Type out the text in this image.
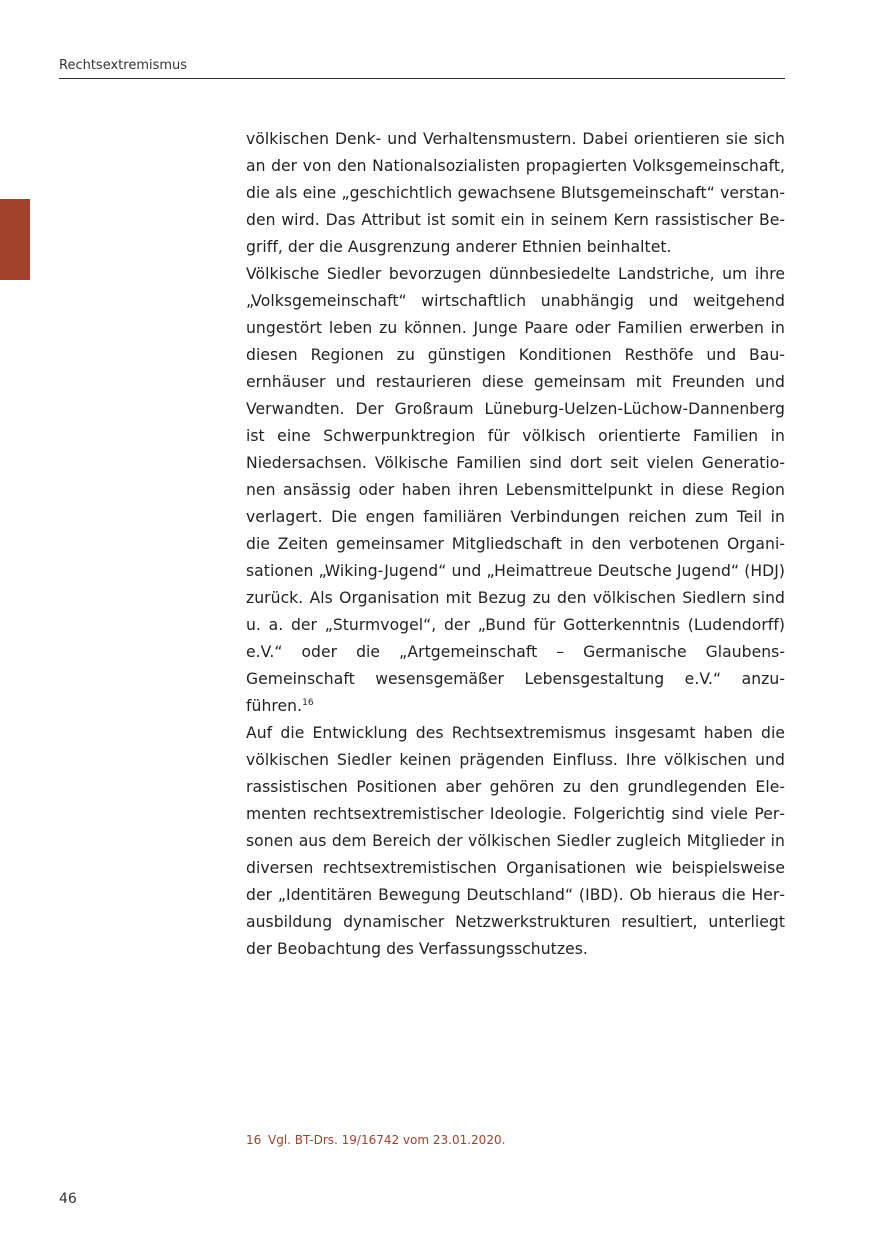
Rechtsextremismus

völkischen Denk- und Verhaltensmustern. Dabei orientieren sie sich an der von den Nationalsozialisten propagierten Volksgemeinschaft, die als eine „geschichtlich gewachsene Blutsgemeinschaft“ verstanden wird. Das Attribut ist somit ein in seinem Kern rassistischer Begriff, der die Ausgrenzung anderer Ethnien beinhaltet.

Völkische Siedler bevorzugen dünnbesiedelte Landstriche, um ihre „Volksgemeinschaft“ wirtschaftlich unabhängig und weitgehend ungestört leben zu können. Junge Paare oder Familien erwerben in diesen Regionen zu günstigen Konditionen Resthöfe und Bauernhäuser und restaurieren diese gemeinsam mit Freunden und Verwandten. Der Großraum Lüneburg-Uelzen-Lüchow-Dannenberg ist eine Schwerpunktregion für völkisch orientierte Familien in Niedersachsen. Völkische Familien sind dort seit vielen Generationen ansässig oder haben ihren Lebensmittelpunkt in diese Region verlagert. Die engen familiären Verbindungen reichen zum Teil in die Zeiten gemeinsamer Mitgliedschaft in den verbotenen Organisationen „Wiking-Jugend“ und „Heimattreue Deutsche Jugend“ (HDJ) zurück. Als Organisation mit Bezug zu den völkischen Siedlern sind u. a. der „Sturmvogel“, der „Bund für Gotterkenntnis (Ludendorff) e.V.“ oder die „Artgemeinschaft – Germanische Glaubens-Gemeinschaft wesensgemäßer Lebensgestaltung e.V.“ anzuführen.$^{16}$

Auf die Entwicklung des Rechtsextremismus insgesamt haben die völkischen Siedler keinen prägenden Einfluss. Ihre völkischen und rassistischen Positionen aber gehören zu den grundlegenden Elementen rechtsextremistischer Ideologie. Folgerichtig sind viele Personen aus dem Bereich der völkischen Siedler zugleich Mitglieder in diversen rechtsextremistischen Organisationen wie beispielsweise der „Identitären Bewegung Deutschland“ (IBD). Ob hieraus die Herausbildung dynamischer Netzwerkstrukturen resultiert, unterliegt der Beobachtung des Verfassungsschutzes.

16 Vgl. BT-Drs. 19/16742 vom 23.01.2020.
46
